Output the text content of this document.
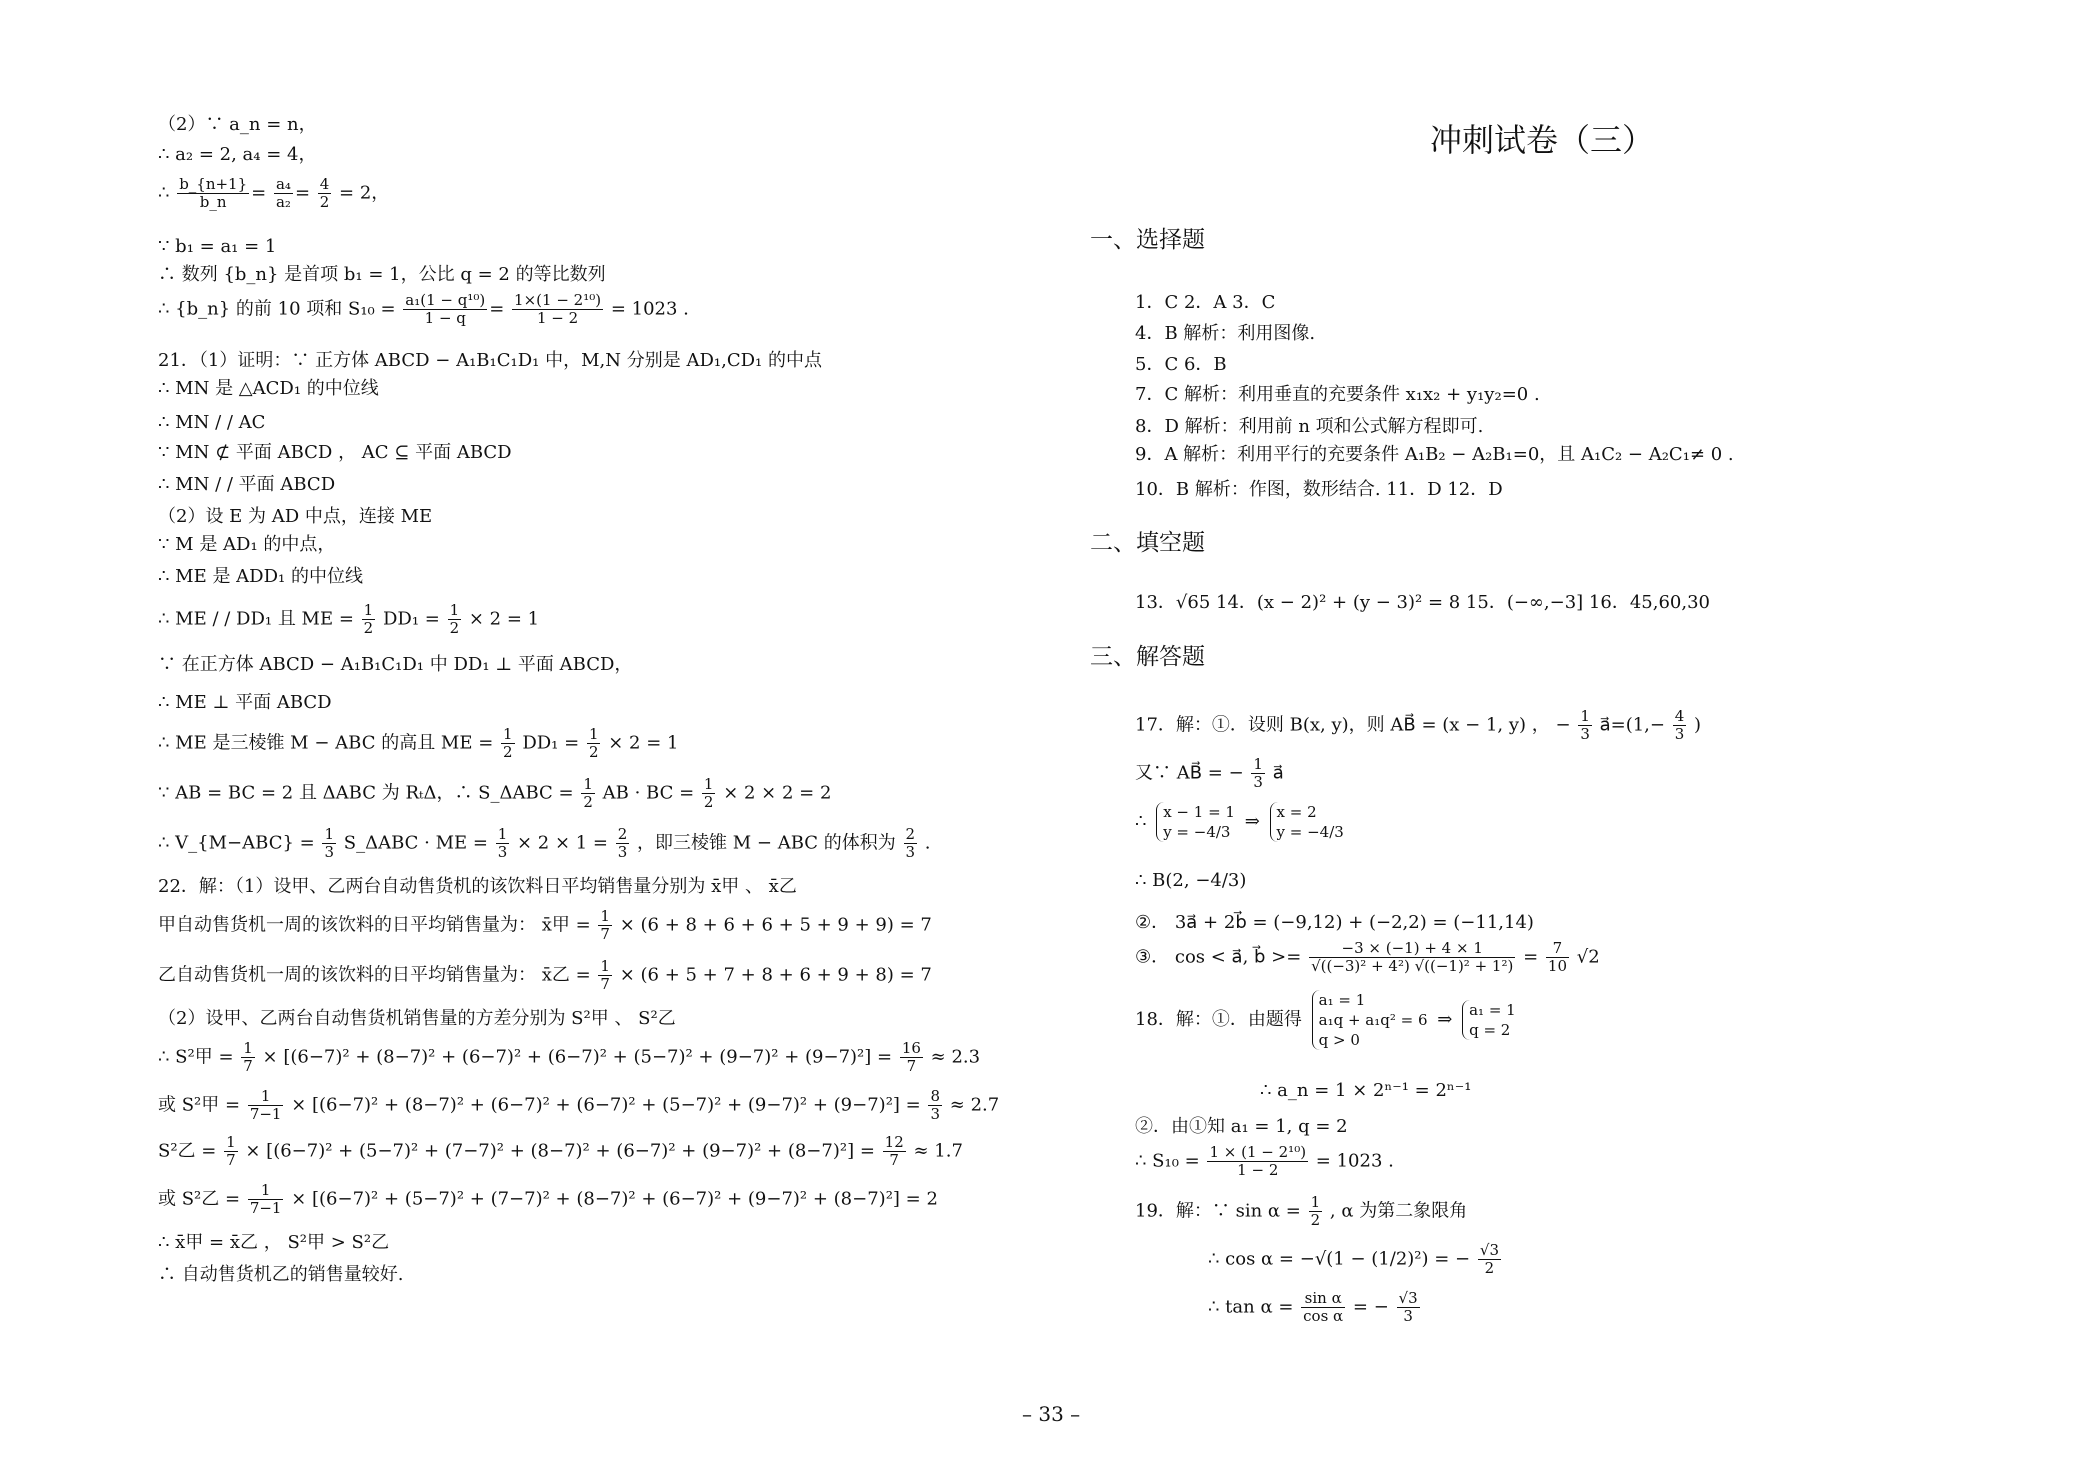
（2）∵ a_n = n，
∴ a₂ = 2, a₄ = 4，
∴ $\frac{b\_\{n+1\}}{b\_n} = \frac{\text{a₄}}{\text{a₂}} = \frac{4}{2} = 2$，
∵ b₁ = a₁ = 1
∴ 数列 {b_n} 是首项 b₁ = 1，公比 q = 2 的等比数列
∴ {b_n} 的前 10 项和 $S_{10} = \frac{\text{a₁(1 − q¹⁰)}}{1 - q} = \frac{\text{1×(1 − 2¹⁰)}}{1 - 2} = 1023$ .
21．（1）证明：∵ 正方体 ABCD − A₁B₁C₁D₁ 中，M,N 分别是 AD₁,CD₁ 的中点
∴ MN 是 △ACD₁ 的中位线
∴ MN / / AC
∵ MN ⊄ 平面 ABCD ， AC ⊆ 平面 ABCD
∴ MN / / 平面 ABCD
（2）设 E 为 AD 中点，连接 ME
∵ M 是 AD₁ 的中点，
∴ ME 是 ADD₁ 的中位线
∴ ME / / DD₁ 且 ME = $\frac{1}{2} DD_1 = \frac{1}{2} \times 2 = 1$
∵ 在正方体 ABCD − A₁B₁C₁D₁ 中 DD₁ ⊥ 平面 ABCD，
∴ ME ⊥ 平面 ABCD
∴ ME 是三棱锥 M − ABC 的高且 ME = $\frac{1}{2} DD_1 = \frac{1}{2} \times 2 = 1$
∵ AB = BC = 2 且 ΔABC 为 RₜΔ，∴ S_ΔABC = $\frac{1}{2}$ AB · BC = $\frac{1}{2} \times 2 \times 2 = 2$
∴ V_{M−ABC} = $\frac{1}{3}$ S_ΔABC · ME = $\frac{1}{3} \times 2 \times 1 = \frac{2}{3}$ ，即三棱锥 M − ABC 的体积为 $\frac{2}{3}$ .
22．解：（1）设甲、乙两台自动售货机的该饮料日平均销售量分别为 x̄甲 、 x̄乙
甲自动售货机一周的该饮料的日平均销售量为： x̄甲 = $\frac{1}{7} \times (6 + 8 + 6 + 6 + 5 + 9 + 9) = 7$
乙自动售货机一周的该饮料的日平均销售量为： x̄乙 = $\frac{1}{7} \times (6 + 5 + 7 + 8 + 6 + 9 + 8) = 7$
（2）设甲、乙两台自动售货机销售量的方差分别为 S²甲 、 S²乙
∴ S²甲 = $\frac{1}{7} \times [(6-7)^2 + (8-7)^2 + (6-7)^2 + (6-7)^2 + (5-7)^2 + (9-7)^2 + (9-7)^2] = \frac{16}{7} \approx 2.3$
或 S²甲 = $\frac{1}{7-1} \times [(6-7)^2 + (8-7)^2 + (6-7)^2 + (6-7)^2 + (5-7)^2 + (9-7)^2 + (9-7)^2] = \frac{8}{3} \approx 2.7$
S²乙 = $\frac{1}{7} \times [(6-7)^2 + (5-7)^2 + (7-7)^2 + (8-7)^2 + (6-7)^2 + (9-7)^2 + (8-7)^2] = \frac{12}{7} \approx 1.7$
或 S²乙 = $\frac{1}{7-1} \times [(6-7)^2 + (5-7)^2 + (7-7)^2 + (8-7)^2 + (6-7)^2 + (9-7)^2 + (8-7)^2] = 2$
∴ x̄甲 = x̄乙 ， S²甲 > S²乙
∴ 自动售货机乙的销售量较好.
冲刺试卷（三）
一、选择题
1．C 2．A 3．C
4．B 解析：利用图像.
5．C 6．B
7．C 解析：利用垂直的充要条件 x₁x₂ + y₁y₂=0 .
8．D 解析：利用前 n 项和公式解方程即可.
9．A 解析：利用平行的充要条件 A₁B₂ − A₂B₁=0，且 A₁C₂ − A₂C₁≠ 0 .
10．B 解析：作图，数形结合. 11．D 12．D
二、填空题
13．√65 14．(x − 2)² + (y − 3)² = 8 15．(−∞,−3] 16．45,60,30
三、解答题
17．解：①．设则 B(x, y)，则 AB⃗ = (x − 1, y) ， − $\frac{1}{3}$ a⃗=(1,− $\frac{4}{3}$ )
又∵ AB⃗ = − $\frac{1}{3}$ a⃗
∴ x − 1 = 1
y = −4/3 ⇒ x = 2
y = −4/3
∴ B(2, −4/3)
②． 3a⃗ + 2b⃗ = (−9,12) + (−2,2) = (−11,14)
③． cos < a⃗, b⃗ >= $\frac{-3 \times (-1) + 4 \times 1}{\text{√((−3)² + 4²) √((−1)² + 1²)}} = \frac{7}{10} √2$
18．解：①．由题得 a₁ = 1
a₁q + a₁q² = 6
q > 0 ⇒ a₁ = 1
q = 2
∴ a_n = 1 × 2ⁿ⁻¹ = 2ⁿ⁻¹
②．由①知 a₁ = 1, q = 2
∴ $S_{10} = \frac{\text{1 × (1 − 2¹⁰)}}{1 - 2} = 1023$ .
19．解：∵ $\sin \alpha = \frac{1}{2}$ , α 为第二象限角
∴ cos α = −√(1 − (1/2)²) = − $\frac{√3}{2}$
∴ $\tan \alpha = \frac{\text{sin α}}{\text{cos α}}$ = − $\frac{√3}{3}$
– 33 –
